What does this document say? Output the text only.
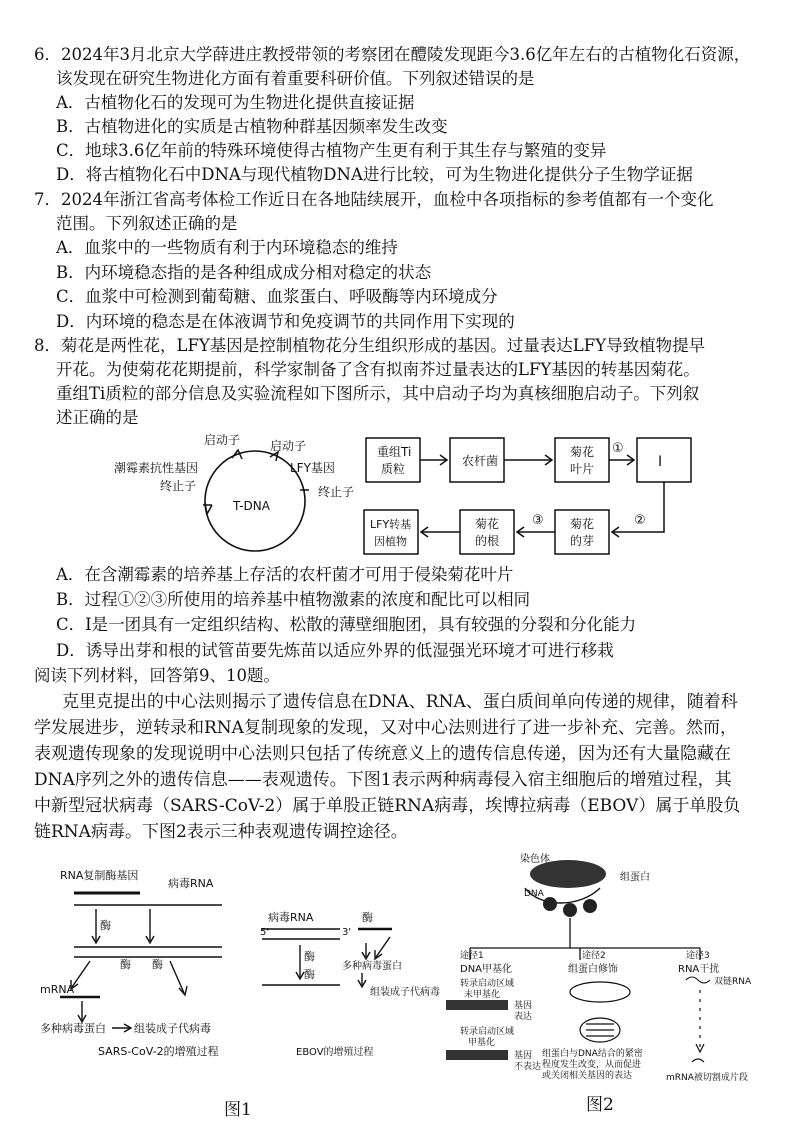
6．2024年3月北京大学薛进庄教授带领的考察团在醴陵发现距今3.6亿年左右的古植物化石资源，
该发现在研究生物进化方面有着重要科研价值。下列叙述错误的是
A．古植物化石的发现可为生物进化提供直接证据
B．古植物进化的实质是古植物种群基因频率发生改变
C．地球3.6亿年前的特殊环境使得古植物产生更有利于其生存与繁殖的变异
D．将古植物化石中DNA与现代植物DNA进行比较，可为生物进化提供分子生物学证据
7．2024年浙江省高考体检工作近日在各地陆续展开，血检中各项指标的参考值都有一个变化
范围。下列叙述正确的是
A．血浆中的一些物质有利于内环境稳态的维持
B．内环境稳态指的是各种组成成分相对稳定的状态
C．血浆中可检测到葡萄糖、血浆蛋白、呼吸酶等内环境成分
D．内环境的稳态是在体液调节和免疫调节的共同作用下实现的
8．菊花是两性花，LFY基因是控制植物花分生组织形成的基因。过量表达LFY导致植物提早
开花。为使菊花花期提前，科学家制备了含有拟南芥过量表达的LFY基因的转基因菊花。
重组Ti质粒的部分信息及实验流程如下图所示，其中启动子均为真核细胞启动子。下列叙
述正确的是
启动子 启动子
LFY基因
潮霉素抗性基因
终止子	终止子
T-DNA
重组Ti
质粒
农杆菌
菊花
叶片	Ⅰ
菊花
的芽
菊花
的根
LFY转基
因植物
①
②
③
A．在含潮霉素的培养基上存活的农杆菌才可用于侵染菊花叶片
B．过程①②③所使用的培养基中植物激素的浓度和配比可以相同
C．Ⅰ是一团具有一定组织结构、松散的薄壁细胞团，具有较强的分裂和分化能力
D．诱导出芽和根的试管苗要先炼苗以适应外界的低湿强光环境才可进行移栽
阅读下列材料，回答第9、10题。
克里克提出的中心法则揭示了遗传信息在DNA、RNA、蛋白质间单向传递的规律，随着科
学发展进步，逆转录和RNA复制现象的发现，又对中心法则进行了进一步补充、完善。然而，
表观遗传现象的发现说明中心法则只包括了传统意义上的遗传信息传递，因为还有大量隐藏在
DNA序列之外的遗传信息——表观遗传。下图1表示两种病毒侵入宿主细胞后的增殖过程，其
中新型冠状病毒（SARS-CoV-2）属于单股正链RNA病毒，埃博拉病毒（EBOV）属于单股负
链RNA病毒。下图2表示三种表观遗传调控途径。
RNA复制酶基因
病毒RNA
酶
酶 酶
mRNA
多种病毒蛋白	组装成子代病毒
SARS-CoV-2的增殖过程
病毒RNA
5'	3'
酶
酶
酶
多种病毒蛋白
组装成子代病毒
EBOV的增殖过程
图1
染色体
组蛋白
DNA
途径1	途径2	途径3
DNA甲基化	组蛋白修饰	RNA干扰
转录启动区域
未甲基化
基因
表达
转录启动区域
甲基化
基因
不表达
组蛋白与DNA结合的紧密
程度发生改变，从而促进
或关闭相关基因的表达
双链RNA
mRNA被切割成片段
图2
